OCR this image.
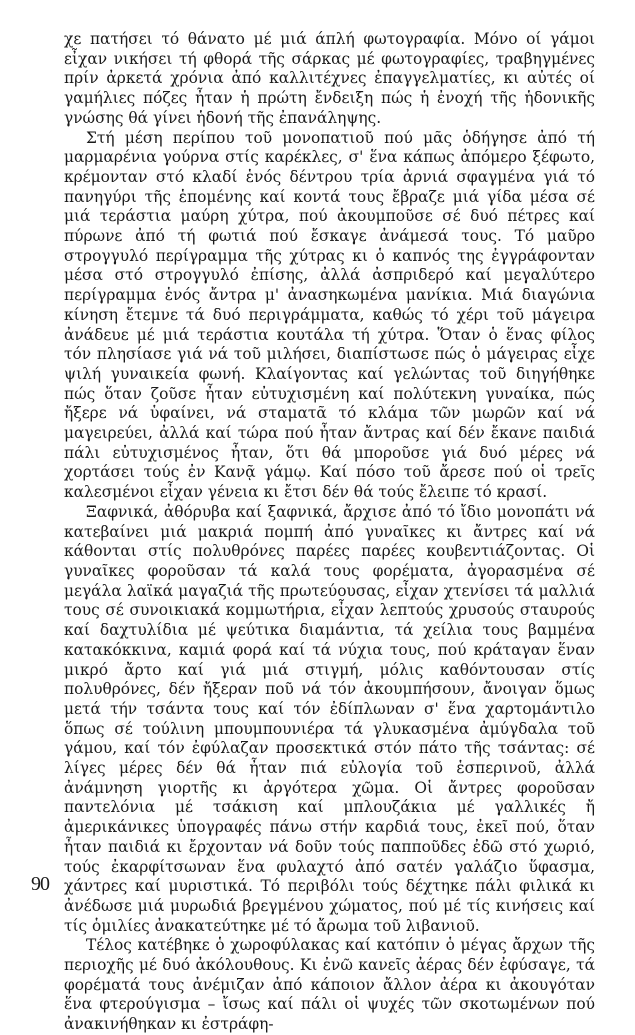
χε πατήσει τό θάνατο μέ μιά άπλή φωτογραφία. Μόνο οί γάμοι εἶχαν νικήσει τή φθορά τῆς σάρκας μέ φωτογραφίες, τραβηγμένες πρίν ἀρκετά χρόνια ἀπό καλλιτέχνες ἐπαγγελματίες, κι αὐτές οί γαμήλιες πόζες ἦταν ἡ πρώτη ἔνδειξη πώς ἡ ἐνοχή τῆς ἡδονικῆς γνώσης θά γίνει ἡδονή τῆς ἐπανάληψης.

Στή μέση περίπου τοῦ μονοπατιοῦ πού μᾶς ὁδήγησε ἀπό τή μαρμαρένια γούρνα στίς καρέκλες, σ' ἕνα κάπως ἀπόμερο ξέφωτο, κρέμονταν στό κλαδί ἑνός δέντρου τρία ἀρνιά σφαγμένα γιά τό πανηγύρι τῆς ἑπομένης καί κοντά τους ἔβραζε μιά γίδα μέσα σέ μιά τεράστια μαύρη χύτρα, πού ἀκουμποῦσε σέ δυό πέτρες καί πύρωνε ἀπό τή φωτιά πού ἔσκαγε ἀνάμεσά τους. Τό μαῦρο στρογγυλό περίγραμμα τῆς χύτρας κι ὁ καπνός της ἐγγράφονταν μέσα στό στρογγυλό ἐπίσης, ἀλλά ἀσπριδερό καί μεγαλύτερο περίγραμμα ἑνός ἄντρα μ' ἀνασηκωμένα μανίκια. Μιά διαγώνια κίνηση ἔτεμνε τά δυό περιγράμματα, καθώς τό χέρι τοῦ μάγειρα ἀνάδευε μέ μιά τεράστια κουτάλα τή χύτρα. Ὅταν ὁ ἕνας φίλος τόν πλησίασε γιά νά τοῦ μιλήσει, διαπίστωσε πώς ὁ μάγειρας εἶχε ψιλή γυναικεία φωνή. Κλαίγοντας καί γελώντας τοῦ διηγήθηκε πώς ὅταν ζοῦσε ἦταν εὐτυχισμένη καί πολύτεκνη γυναίκα, πώς ἤξερε νά ὑφαίνει, νά σταματᾶ τό κλάμα τῶν μωρῶν καί νά μαγειρεύει, ἀλλά καί τώρα πού ἦταν ἄντρας καί δέν ἔκανε παιδιά πάλι εὐτυχισμένος ἦταν, ὅτι θά μποροῦσε γιά δυό μέρες νά χορτάσει τούς ἐν Κανᾷ γάμῳ. Καί πόσο τοῦ ἄρεσε πού οἱ τρεῖς καλεσμένοι εἶχαν γένεια κι ἔτσι δέν θά τούς ἔλειπε τό κρασί.

Ξαφνικά, ἀθόρυβα καί ξαφνικά, ἄρχισε ἀπό τό ἴδιο μονοπάτι νά κατεβαίνει μιά μακριά πομπή ἀπό γυναῖκες κι ἄντρες καί νά κάθονται στίς πολυθρόνες παρέες παρέες κουβεντιάζοντας. Οἱ γυναῖκες φοροῦσαν τά καλά τους φορέματα, ἀγορασμένα σέ μεγάλα λαϊκά μαγαζιά τῆς πρωτεύουσας, εἶχαν χτενίσει τά μαλλιά τους σέ συνοικιακά κομμωτήρια, εἶχαν λεπτούς χρυσούς σταυρούς καί δαχτυλίδια μέ ψεύτικα διαμάντια, τά χείλια τους βαμμένα κατακόκκινα, καμιά φορά καί τά νύχια τους, πού κράταγαν ἕναν μικρό ἄρτο καί γιά μιά στιγμή, μόλις καθόντουσαν στίς πολυθρόνες, δέν ἤξεραν ποῦ νά τόν ἀκουμπήσουν, ἄνοιγαν ὅμως μετά τήν τσάντα τους καί τόν ἐδίπλωναν σ' ἕνα χαρτομάντιλο ὅπως σέ τούλινη μπουμπουνιέρα τά γλυκασμένα ἀμύγδαλα τοῦ γάμου, καί τόν ἐφύλαζαν προσεκτικά στόν πάτο τῆς τσάντας: σέ λίγες μέρες δέν θά ἦταν πιά εὐλογία τοῦ ἑσπερινοῦ, ἀλλά ἀνάμνηση γιορτῆς κι ἀργότερα χῶμα. Οἱ ἄντρες φοροῦσαν παντελόνια μέ τσάκιση καί μπλουζάκια μέ γαλλικές ἤ ἀμερικάνικες ὑπογραφές πάνω στήν καρδιά τους, ἐκεῖ πού, ὅταν ἦταν παιδιά κι ἔρχονταν νά δοῦν τούς παπποῦδες ἐδῶ στό χωριό, τούς ἐκαρφίτσωναν ἕνα φυλαχτό ἀπό σατέν γαλάζιο ὕφασμα, χάντρες καί μυριστικά. Τό περιβόλι τούς δέχτηκε πάλι φιλικά κι ἀνέδωσε μιά μυρωδιά βρεγμένου χώματος, πού μέ τίς κινήσεις καί τίς ὁμιλίες ἀνακατεύτηκε μέ τό ἄρωμα τοῦ λιβανιοῦ.

Τέλος κατέβηκε ὁ χωροφύλακας καί κατόπιν ὁ μέγας ἄρχων τῆς περιοχῆς μέ δυό ἀκόλουθους. Κι ἐνῶ κανεῖς ἀέρας δέν ἐφύσαγε, τά φορέματά τους ἀνέμιζαν ἀπό κάποιον ἄλλον ἀέρα κι ἀκουγόταν ἕνα φτερούγισμα – ἴσως καί πάλι οἱ ψυχές τῶν σκοτωμένων πού ἀνακινήθηκαν κι ἐστράφη-

90
